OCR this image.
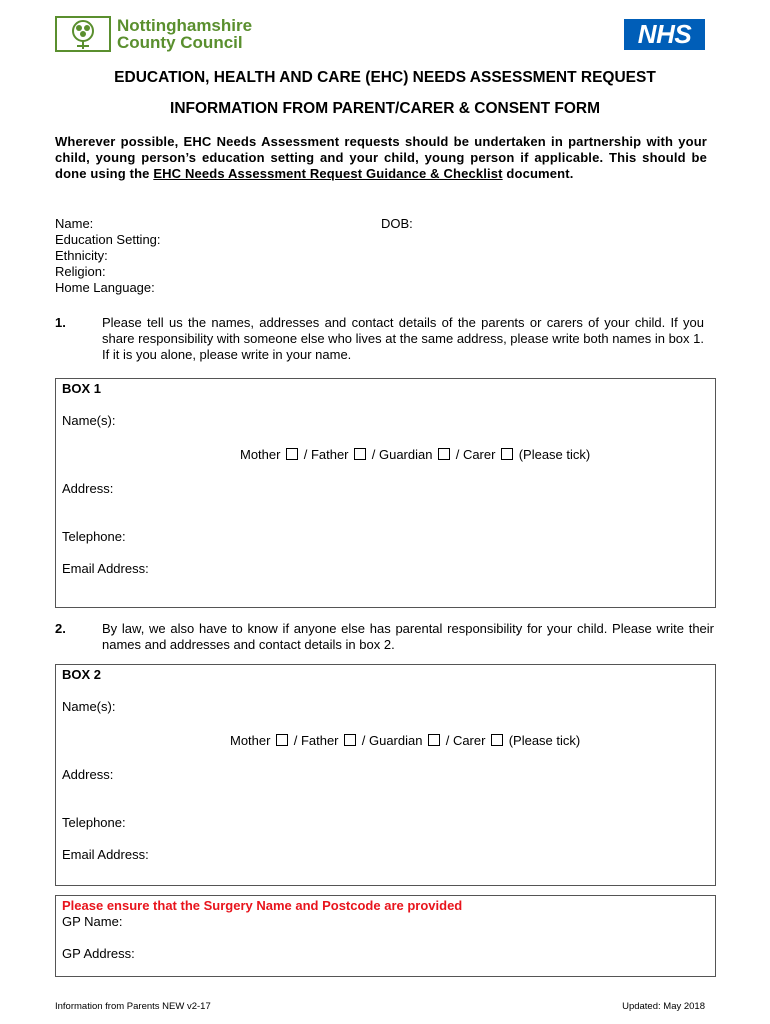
Nottinghamshire
County Council	NHS
EDUCATION, HEALTH AND CARE (EHC) NEEDS ASSESSMENT REQUEST
INFORMATION FROM PARENT/CARER & CONSENT FORM
Wherever possible, EHC Needs Assessment requests should be undertaken in partnership with your child, young person’s education setting and your child, young person if applicable. This should be done using the EHC Needs Assessment Request Guidance & Checklist document.
Name:	DOB:
Education Setting:
Ethnicity:
Religion:
Home Language:
1.	Please tell us the names, addresses and contact details of the parents or carers of your child. If you share responsibility with someone else who lives at the same address, please write both names in box 1. If it is you alone, please write in your name.
BOX 1
Name(s):
Mother / Father / Guardian / Carer (Please tick)
Address:
Telephone:
Email Address:
2.	By law, we also have to know if anyone else has parental responsibility for your child. Please write their names and addresses and contact details in box 2.
BOX 2
Name(s):
Mother / Father / Guardian / Carer (Please tick)
Address:
Telephone:
Email Address:
Please ensure that the Surgery Name and Postcode are provided
GP Name:
GP Address:
Information from Parents NEW v2-17	Updated: May 2018
